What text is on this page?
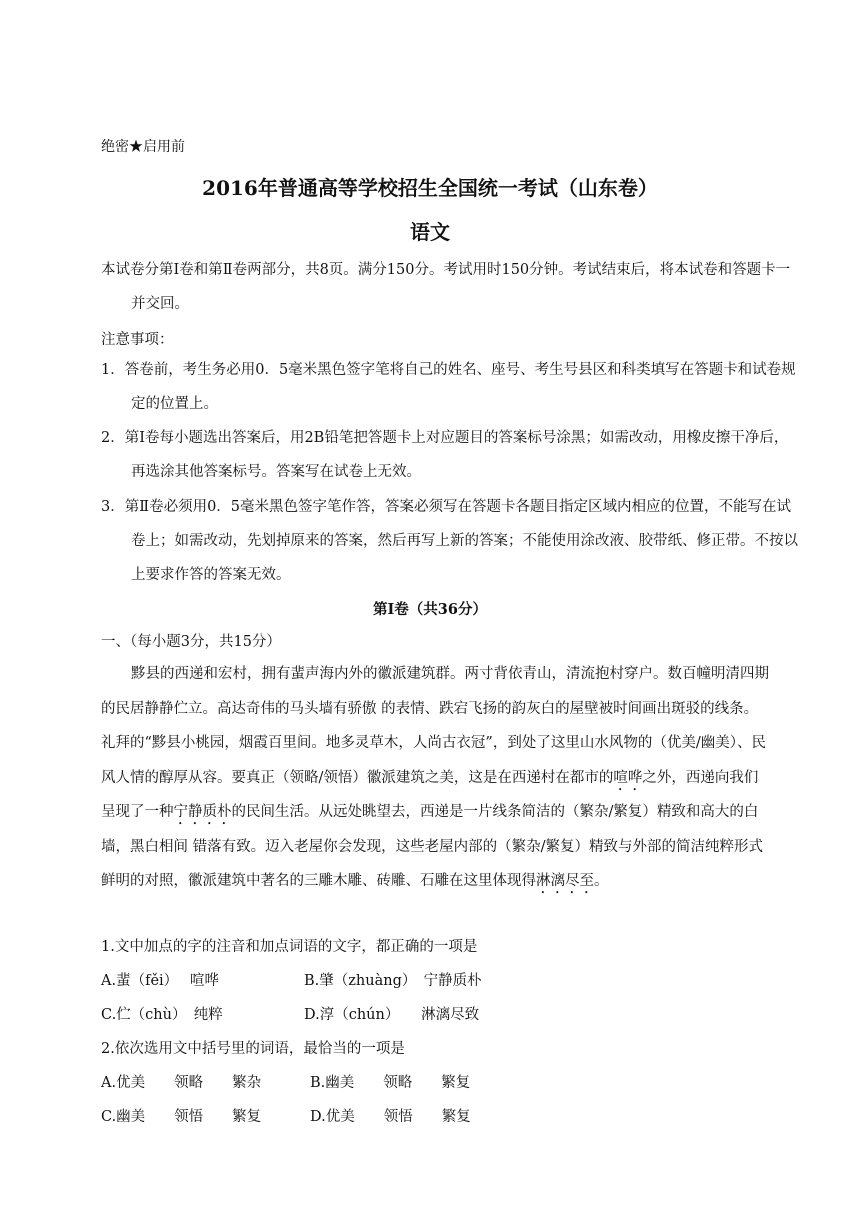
绝密★启用前
2016年普通高等学校招生全国统一考试（山东卷）
语文
本试卷分第Ⅰ卷和第Ⅱ卷两部分，共8页。满分150分。考试用时150分钟。考试结束后，将本试卷和答题卡一并交回。
注意事项：
1．答卷前，考生务必用0．5毫米黑色签字笔将自己的姓名、座号、考生号县区和科类填写在答题卡和试卷规定的位置上。
2．第Ⅰ卷每小题选出答案后，用2B铅笔把答题卡上对应题目的答案标号涂黑；如需改动，用橡皮擦干净后，再选涂其他答案标号。答案写在试卷上无效。
3．第Ⅱ卷必须用0．5毫米黑色签字笔作答，答案必须写在答题卡各题目指定区域内相应的位置，不能写在试卷上；如需改动，先划掉原来的答案，然后再写上新的答案；不能使用涂改液、胶带纸、修正带。不按以上要求作答的答案无效。
第Ⅰ卷（共36分）
一、（每小题3分，共15分）
黟县的西递和宏村，拥有蜚声海内外的徽派建筑群。两寸背依青山，清流抱村穿户。数百幢明清四期的民居静静伫立。高达奇伟的马头墙有骄傲 的表情、跌宕飞扬的韵灰白的屋壁被时间画出斑驳的线条。礼拜的“黟县小桃园，烟霞百里间。地多灵草木，人尚古衣冠”，到处了这里山水风物的（优美/幽美）、民风人情的醇厚从容。要真正（领略/领悟）徽派建筑之美，这是在西递村在都市的喧哗之外，西递向我们呈现了一种宁静质朴的民间生活。从远处眺望去，西递是一片线条简洁的（繁杂/繁复）精致和高大的白墙，黑白相间 错落有致。迈入老屋你会发现，这些老屋内部的（繁杂/繁复）精致与外部的简洁纯粹形式鲜明的对照，徽派建筑中著名的三雕木雕、砖雕、石雕在这里体现得淋漓尽至。
1.文中加点的字的注音和加点词语的文字，都正确的一项是
A.蜚（fěi）　 喧哗	B.肇（zhuàng）　宁静质朴
C.伫（chù）　纯粹	D.淳（chún）　　淋漓尽致
2.依次选用文中括号里的词语，最恰当的一项是
A.优美　　领略　　繁杂	B.幽美　　领略　　繁复
C.幽美　　领悟　　繁复	D.优美　　领悟　　繁复
